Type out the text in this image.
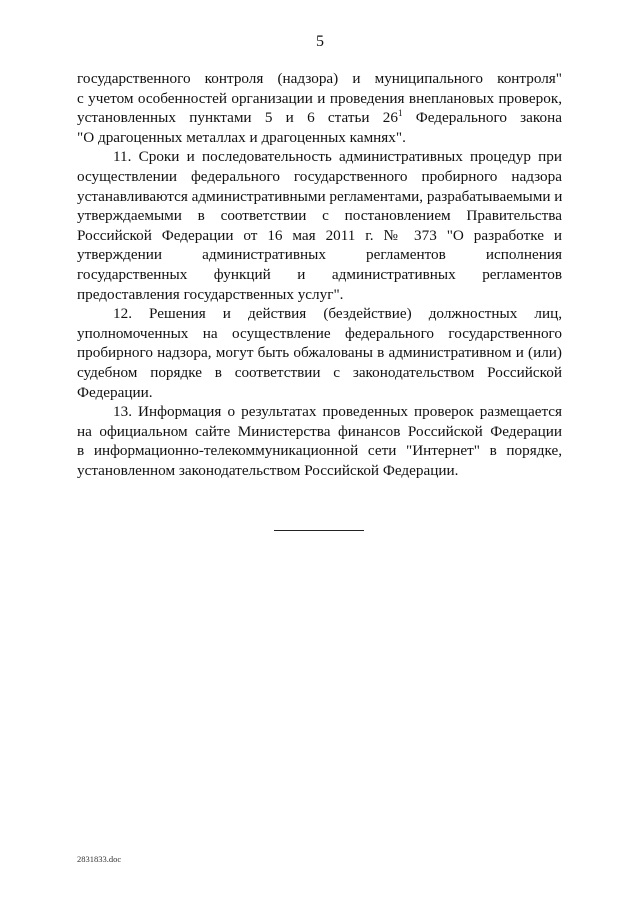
5
государственного контроля (надзора) и муниципального контроля"
с учетом особенностей организации и проведения внеплановых проверок,
установленных пунктами 5 и 6 статьи $26^1$ Федерального закона
"О драгоценных металлах и драгоценных камнях".
11. Сроки и последовательность административных процедур при
осуществлении федерального государственного пробирного надзора
устанавливаются административными регламентами, разрабатываемыми и
утверждаемыми в соответствии с постановлением Правительства
Российской Федерации от 16 мая 2011 г. № 373 "О разработке и
утверждении административных регламентов исполнения
государственных функций и административных регламентов
предоставления государственных услуг".
12. Решения и действия (бездействие) должностных лиц,
уполномоченных на осуществление федерального государственного
пробирного надзора, могут быть обжалованы в административном и (или)
судебном порядке в соответствии с законодательством Российской
Федерации.
13. Информация о результатах проведенных проверок размещается
на официальном сайте Министерства финансов Российской Федерации
в информационно-телекоммуникационной сети "Интернет" в порядке,
установленном законодательством Российской Федерации.
2831833.doc
